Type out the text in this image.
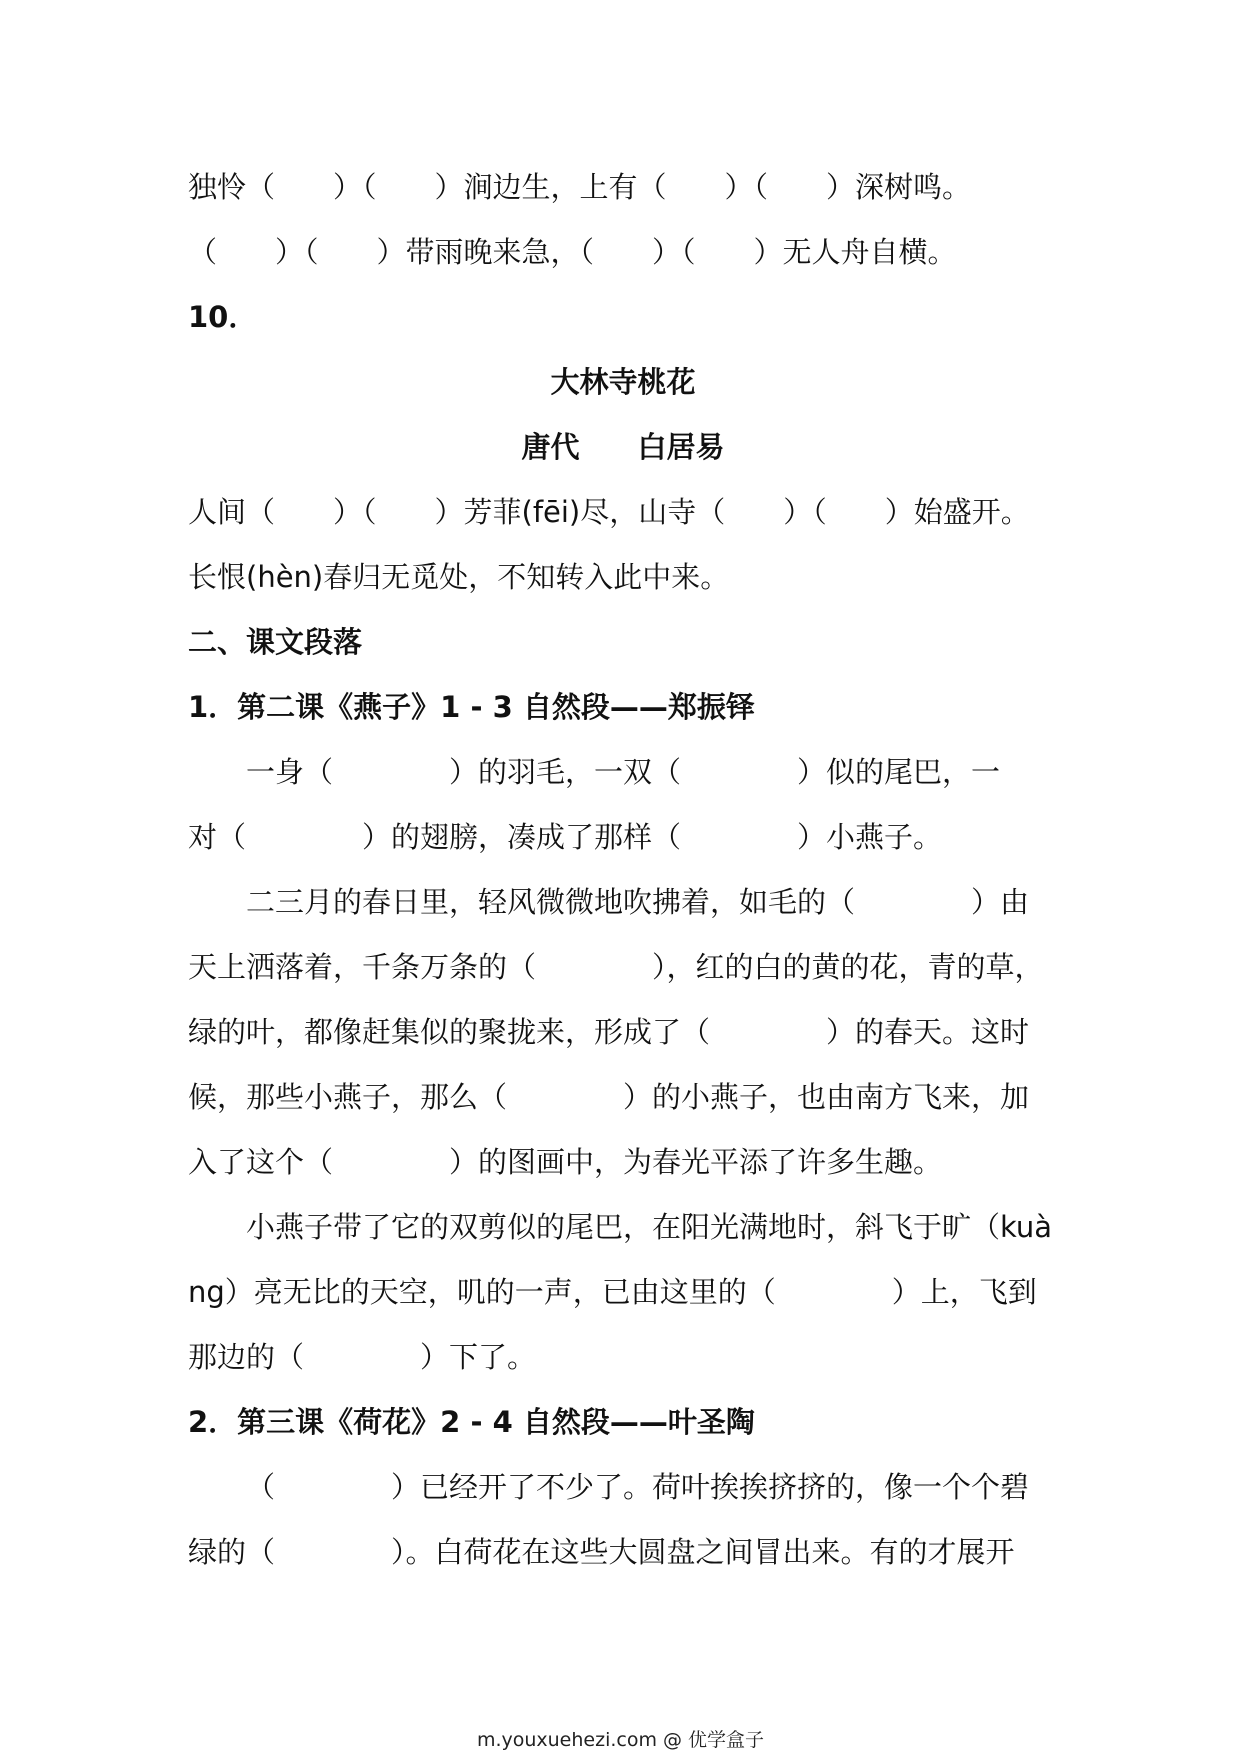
独怜（　　）（　　）涧边生，上有（　　）（　　）深树鸣。
（　　）（　　）带雨晚来急，（　　）（　　）无人舟自横。
10．
大林寺桃花
唐代　　白居易
人间（　　）（　　）芳菲(fēi)尽，山寺（　　）（　　）始盛开。
长恨(hèn)春归无觅处，不知转入此中来。
二、课文段落
1．第二课《燕子》1 - 3 自然段——郑振铎
一身（　　　　）的羽毛，一双（　　　　）似的尾巴，一
对（　　　　）的翅膀，凑成了那样（　　　　）小燕子。
二三月的春日里，轻风微微地吹拂着，如毛的（　　　　）由
天上洒落着，千条万条的（　　　　），红的白的黄的花，青的草，
绿的叶，都像赶集似的聚拢来，形成了（　　　　）的春天。这时
候，那些小燕子，那么（　　　　）的小燕子，也由南方飞来，加
入了这个（　　　　）的图画中，为春光平添了许多生趣。
小燕子带了它的双剪似的尾巴，在阳光满地时，斜飞于旷（kuà
ng）亮无比的天空，叽的一声，已由这里的（　　　　）上，飞到
那边的（　　　　）下了。
2．第三课《荷花》2 - 4 自然段——叶圣陶
（　　　　）已经开了不少了。荷叶挨挨挤挤的，像一个个碧
绿的（　　　　）。白荷花在这些大圆盘之间冒出来。有的才展开
m.youxuehezi.com @ 优学盒子
